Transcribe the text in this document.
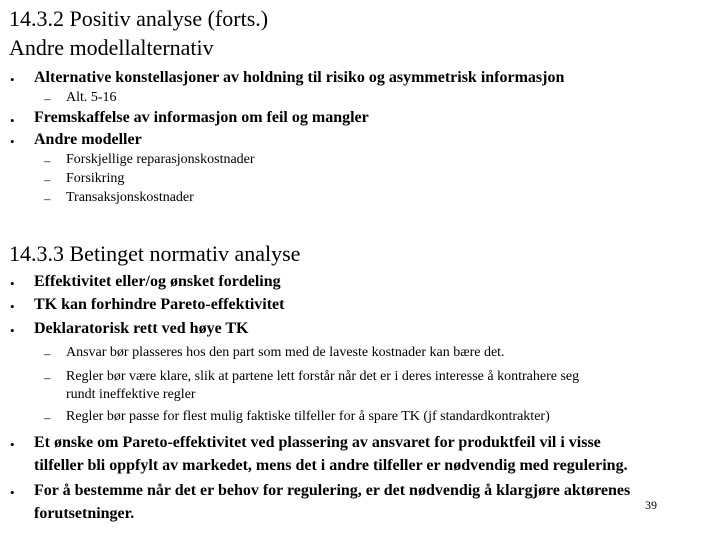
14.3.2 Positiv analyse (forts.)
Andre modellalternativ
• Alternative konstellasjoner av holdning til risiko og asymmetrisk informasjon
– Alt. 5-16
• Fremskaffelse av informasjon om feil og mangler
• Andre modeller
– Forskjellige reparasjonskostnader
– Forsikring
– Transaksjonskostnader
14.3.3 Betinget normativ analyse
• Effektivitet eller/og ønsket fordeling
• TK kan forhindre Pareto-effektivitet
• Deklaratorisk rett ved høye TK
– Ansvar bør plasseres hos den part som med de laveste kostnader kan bære det.
– Regler bør være klare, slik at partene lett forstår når det er i deres interesse å kontrahere seg
rundt ineffektive regler
– Regler bør passe for flest mulig faktiske tilfeller for å spare TK (jf standardkontrakter)
• Et ønske om Pareto-effektivitet ved plassering av ansvaret for produktfeil vil i visse
tilfeller bli oppfylt av markedet, mens det i andre tilfeller er nødvendig med regulering.
• For å bestemme når det er behov for regulering, er det nødvendig å klargjøre aktørenes
forutsetninger.	39
